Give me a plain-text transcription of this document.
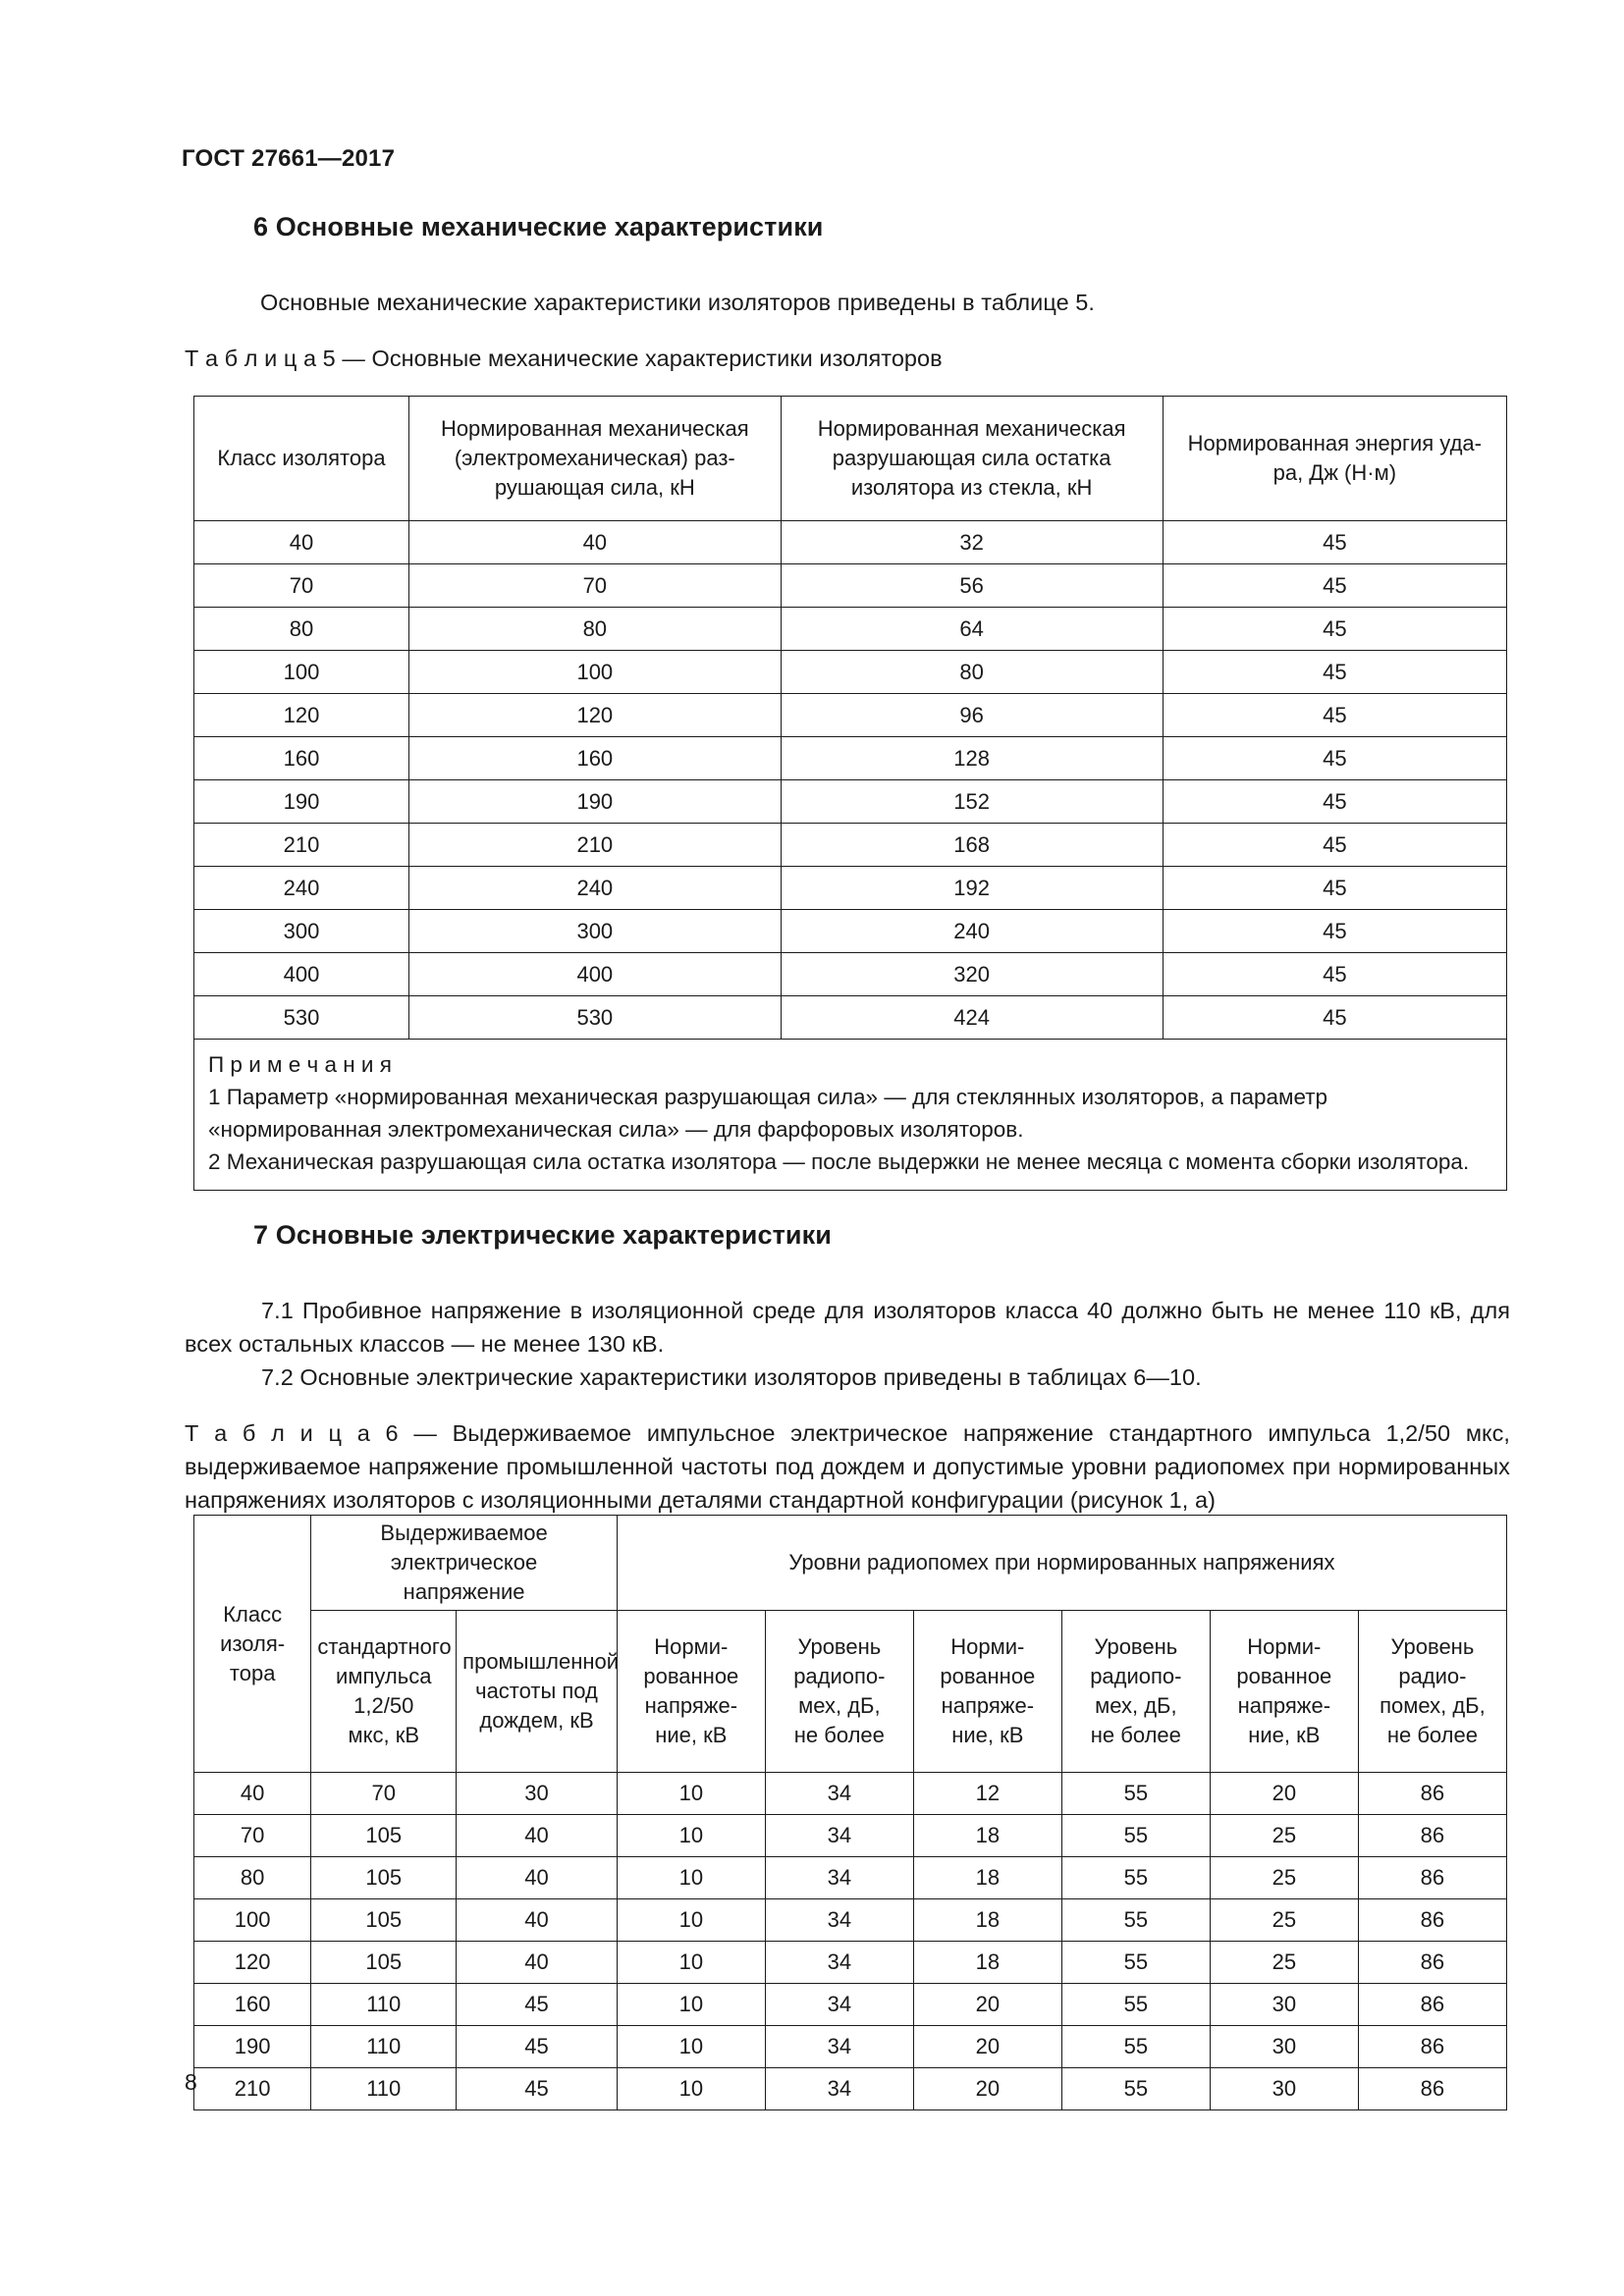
ГОСТ 27661—2017
6 Основные механические характеристики
Основные механические характеристики изоляторов приведены в таблице 5.
Т а б л и ц а 5 — Основные механические характеристики изоляторов
Класс изолятора	Нормированная механическая
(электромеханическая) раз-
рушающая сила, кН	Нормированная механическая
разрушающая сила остатка
изолятора из стекла, кН	Нормированная энергия уда-
ра, Дж (Н·м)
40	40	32	45
70	70	56	45
80	80	64	45
100	100	80	45
120	120	96	45
160	160	128	45
190	190	152	45
210	210	168	45
240	240	192	45
300	300	240	45
400	400	320	45
530	530	424	45

П р и м е ч а н и я
1 Параметр «нормированная механическая разрушающая сила» — для стеклянных изоляторов, а параметр «нормированная электромеханическая сила» — для фарфоровых изоляторов.
2 Механическая разрушающая сила остатка изолятора — после выдержки не менее месяца с момента сборки изолятора.			
7 Основные электрические характеристики
7.1 Пробивное напряжение в изоляционной среде для изоляторов класса 40 должно быть не менее 110 кВ, для всех остальных классов — не менее 130 кВ.
7.2 Основные электрические характеристики изоляторов приведены в таблицах 6—10.
Т а б л и ц а 6 — Выдерживаемое импульсное электрическое напряжение стандартного импульса 1,2/50 мкс, выдерживаемое напряжение промышленной частоты под дождем и допустимые уровни радиопомех при нормированных напряжениях изоляторов с изоляционными деталями стандартной конфигурации (рисунок 1, а)
Класс
изоля-
тора	Выдерживаемое электрическое
напряжение		Уровни радиопомех при нормированных напряжениях					
	стандартного
импульса 1,2/50
мкс, кВ	промышленной
частоты под
дождем, кВ	Норми-
рованное
напряже-
ние, кВ	Уровень
радиопо-
мех, дБ,
не более	Норми-
рованное
напряже-
ние, кВ	Уровень
радиопо-
мех, дБ,
не более	Норми-
рованное
напряже-
ние, кВ	Уровень
радио-
помех, дБ,
не более
40	70	30	10	34	12	55	20	86
70	105	40	10	34	18	55	25	86
80	105	40	10	34	18	55	25	86
100	105	40	10	34	18	55	25	86
120	105	40	10	34	18	55	25	86
160	110	45	10	34	20	55	30	86
190	110	45	10	34	20	55	30	86
210	110	45	10	34	20	55	30	86
8
